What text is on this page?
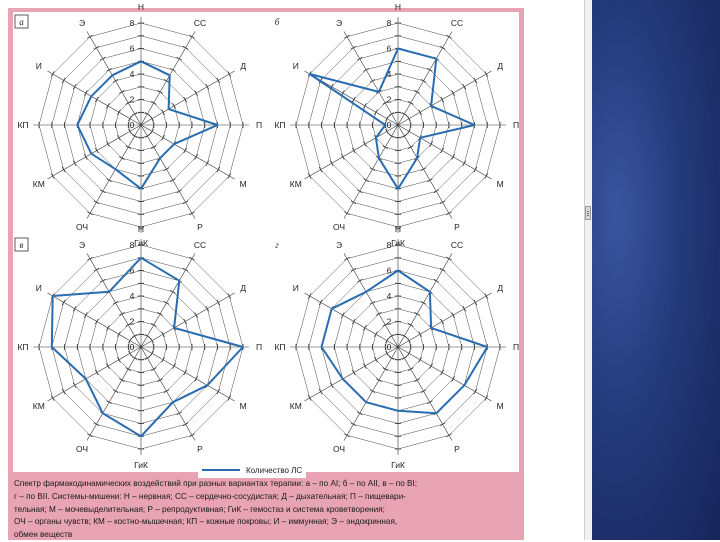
Н
СС
Д
П
М
Р
ГиК
ОЧ
КМ
КП
И
Э
0
2
4
6
8
а
Н
СС
Д
П
М
Р
ГиК
ОЧ
КМ
КП
И
Э
0
2
4
6
8
б
Н
СС
Д
П
М
Р
ГиК
ОЧ
КМ
КП
И
Э
0
2
4
6
8
в
Н
СС
Д
П
М
Р
ГиК
ОЧ
КМ
КП
И
Э
0
2
4
6
8
г
Количество ЛС

Спектр фармакодинамических воздействий при разных вариантах терапии: а – по AI; б – по AII, в – по BI;

г – по BII. Системы-мишени: Н – нервная; СС – сердечно-сосудистая; Д – дыхательная; П – пищевари-

тельная; М – мочевыделительная; Р – репродуктивная; ГиК – гемостаз и система кроветворения;

ОЧ – органы чувств; КМ – костно-мышечная; КП – кожные покровы; И – иммунная; Э – эндокринная,

обмен веществ
